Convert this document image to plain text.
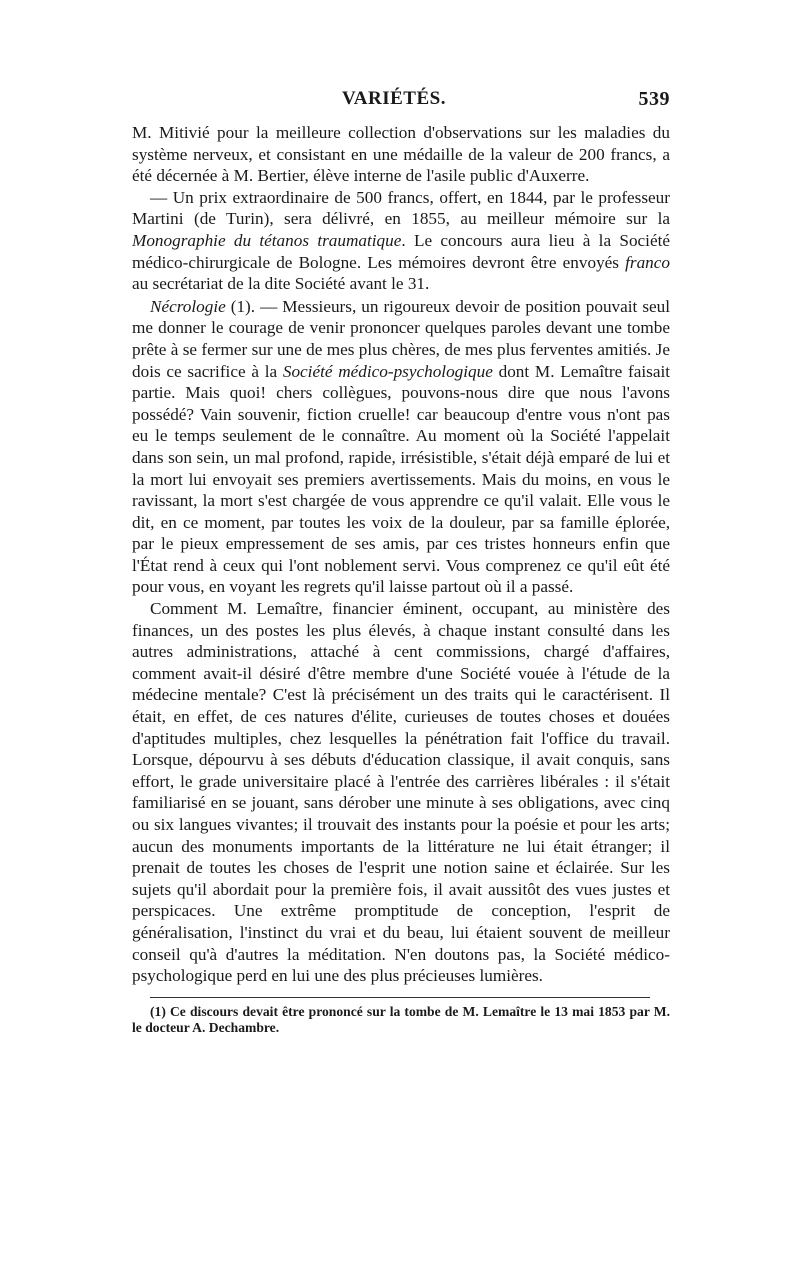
VARIÉTÉS.	539

M. Mitivié pour la meilleure collection d'observations sur les maladies du système nerveux, et consistant en une médaille de la valeur de 200 francs, a été décernée à M. Bertier, élève interne de l'asile public d'Auxerre.

— Un prix extraordinaire de 500 francs, offert, en 1844, par le professeur Martini (de Turin), sera délivré, en 1855, au meilleur mémoire sur la Monographie du tétanos traumatique. Le concours aura lieu à la Société médico-chirurgicale de Bologne. Les mémoires devront être envoyés franco au secrétariat de la dite Société avant le 31.

Nécrologie (1). — Messieurs, un rigoureux devoir de position pouvait seul me donner le courage de venir prononcer quelques paroles devant une tombe prête à se fermer sur une de mes plus chères, de mes plus ferventes amitiés. Je dois ce sacrifice à la Société médico-psychologique dont M. Lemaître faisait partie. Mais quoi! chers collègues, pouvons-nous dire que nous l'avons possédé? Vain souvenir, fiction cruelle! car beaucoup d'entre vous n'ont pas eu le temps seulement de le connaître. Au moment où la Société l'appelait dans son sein, un mal profond, rapide, irrésistible, s'était déjà emparé de lui et la mort lui envoyait ses premiers avertissements. Mais du moins, en vous le ravissant, la mort s'est chargée de vous apprendre ce qu'il valait. Elle vous le dit, en ce moment, par toutes les voix de la douleur, par sa famille éplorée, par le pieux empressement de ses amis, par ces tristes honneurs enfin que l'État rend à ceux qui l'ont noblement servi. Vous comprenez ce qu'il eût été pour vous, en voyant les regrets qu'il laisse partout où il a passé.

Comment M. Lemaître, financier éminent, occupant, au ministère des finances, un des postes les plus élevés, à chaque instant consulté dans les autres administrations, attaché à cent commissions, chargé d'affaires, comment avait-il désiré d'être membre d'une Société vouée à l'étude de la médecine mentale? C'est là précisément un des traits qui le caractérisent. Il était, en effet, de ces natures d'élite, curieuses de toutes choses et douées d'aptitudes multiples, chez lesquelles la pénétration fait l'office du travail. Lorsque, dépourvu à ses débuts d'éducation classique, il avait conquis, sans effort, le grade universitaire placé à l'entrée des carrières libérales : il s'était familiarisé en se jouant, sans dérober une minute à ses obligations, avec cinq ou six langues vivantes; il trouvait des instants pour la poésie et pour les arts; aucun des monuments importants de la littérature ne lui était étranger; il prenait de toutes les choses de l'esprit une notion saine et éclairée. Sur les sujets qu'il abordait pour la première fois, il avait aussitôt des vues justes et perspicaces. Une extrême promptitude de conception, l'esprit de généralisation, l'instinct du vrai et du beau, lui étaient souvent de meilleur conseil qu'à d'autres la méditation. N'en doutons pas, la Société médico-psychologique perd en lui une des plus précieuses lumières.

(1) Ce discours devait être prononcé sur la tombe de M. Lemaître le 13 mai 1853 par M. le docteur A. Dechambre.
